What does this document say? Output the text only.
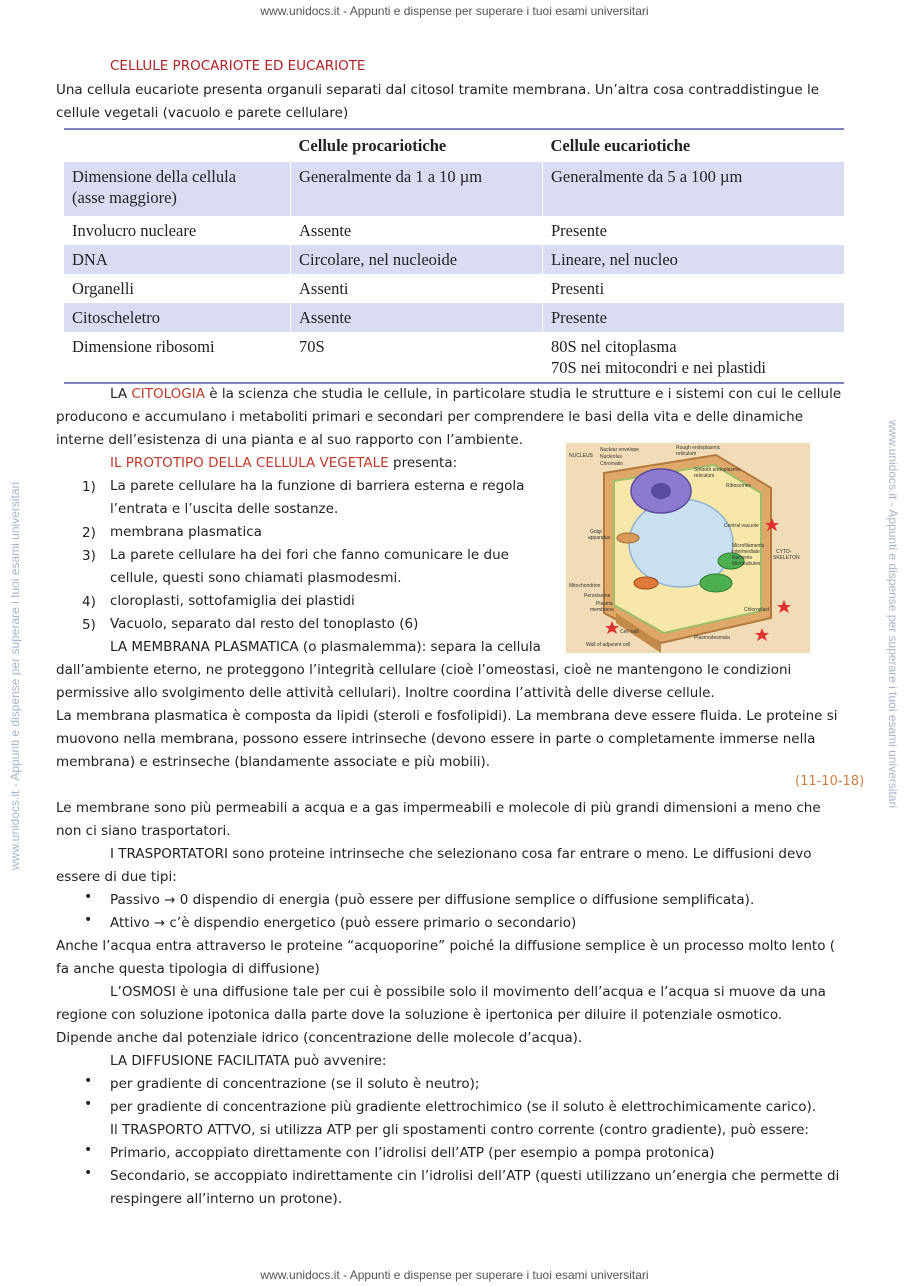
www.unidocs.it - Appunti e dispense per superare i tuoi esami universitari
www.unidocs.it - Appunti e dispense per superare i tuoi esami universitari
www.unidocs.it - Appunti e dispense per superare i tuoi esami universitari	www.unidocs.it - Appunti e dispense per superare i tuoi esami universitari
CELLULE PROCARIOTE ED EUCARIOTE
Una cellula eucariote presenta organuli separati dal citosol tramite membrana. Un’altra cosa contraddistingue le
cellule vegetali (vacuolo e parete cellulare)
	Cellule procariotiche	Cellule eucariotiche
Dimensione della cellula
(asse maggiore)	Generalmente da 1 a 10 µm	Generalmente da 5 a 100 µm
Involucro nucleare	Assente	Presente
DNA	Circolare, nel nucleoide	Lineare, nel nucleo
Organelli	Assenti	Presenti
Citoscheletro	Assente	Presente
Dimensione ribosomi	70S	80S nel citoplasma
70S nei mitocondri e nei plastidi
LA CITOLOGIA è la scienza che studia le cellule, in particolare studia le strutture e i sistemi con cui le cellule
producono e accumulano i metaboliti primari e secondari per comprendere le basi della vita e delle dinamiche
interne dell’esistenza di una pianta e al suo rapporto con l’ambiente.
IL PROTOTIPO DELLA CELLULA VEGETALE presenta:
1) La parete cellulare ha la funzione di barriera esterna e regola
l’entrata e l’uscita delle sostanze.
2) membrana plasmatica
3) La parete cellulare ha dei fori che fanno comunicare le due
cellule, questi sono chiamati plasmodesmi.
4) cloroplasti, sottofamiglia dei plastidi
5) Vacuolo, separato dal resto del tonoplasto (6)
LA MEMBRANA PLASMATICA (o plasmalemma): separa la cellula
dall’ambiente eterno, ne proteggono l’integrità cellulare (cioè l’omeostasi, cioè ne mantengono le condizioni
permissive allo svolgimento delle attività cellulari). Inoltre coordina l’attività delle diverse cellule.
La membrana plasmatica è composta da lipidi (steroli e fosfolipidi). La membrana deve essere fluida. Le proteine si
muovono nella membrana, possono essere intrinseche (devono essere in parte o completamente immerse nella
membrana) e estrinseche (blandamente associate e più mobili).
(11-10-18)
Le membrane sono più permeabili a acqua e a gas impermeabili e molecole di più grandi dimensioni a meno che
non ci siano trasportatori.
I TRASPORTATORI sono proteine intrinseche che selezionano cosa far entrare o meno. Le diffusioni devo
essere di due tipi:
• Passivo → 0 dispendio di energia (può essere per diffusione semplice o diffusione semplificata).
• Attivo → c’è dispendio energetico (può essere primario o secondario)
Anche l’acqua entra attraverso le proteine “acquoporine” poiché la diffusione semplice è un processo molto lento (
fa anche questa tipologia di diffusione)
L’OSMOSI è una diffusione tale per cui è possibile solo il movimento dell’acqua e l’acqua si muove da una
regione con soluzione ipotonica dalla parte dove la soluzione è ipertonica per diluire il potenziale osmotico.
Dipende anche dal potenziale idrico (concentrazione delle molecole d’acqua).
LA DIFFUSIONE FACILITATA può avvenire:
• per gradiente di concentrazione (se il soluto è neutro);
• per gradiente di concentrazione più gradiente elettrochimico (se il soluto è elettrochimicamente carico).
Il TRASPORTO ATTVO, si utilizza ATP per gli spostamenti contro corrente (contro gradiente), può essere:
• Primario, accoppiato direttamente con l’idrolisi dell’ATP (per esempio a pompa protonica)
• Secondario, se accoppiato indirettamente cin l’idrolisi dell’ATP (questi utilizzano un’energia che permette di
respingere all’interno un protone).
NUCLEUS
Nuclear envelope
Nucleolus
Chromatin
Rough endoplasmic
reticulum
Smooth endoplasmic
reticulum
Ribosomes
Golgi
apparatus
Central vacuole
Microfilaments
Intermediate
filaments
Microtubules
CYTO-
SKELETON
Mitochondrion
Peroxisome
Plasma
membrane
Cell wall
Wall of adjacent cell
Chloroplast
Plasmodesmata
